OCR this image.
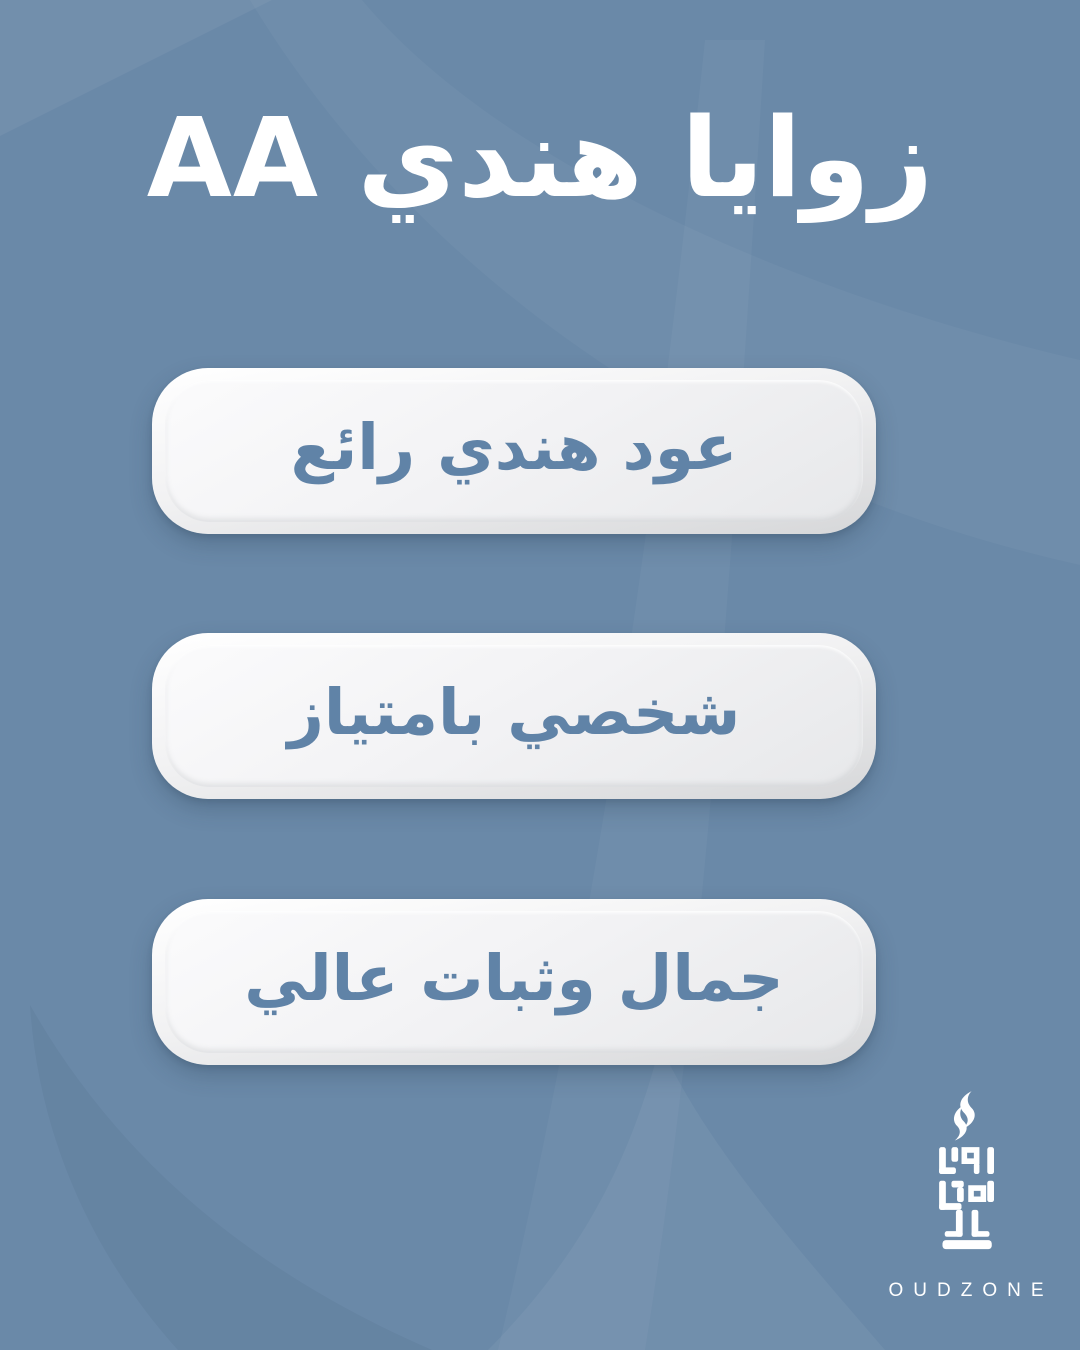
زوايا هندي AA
عود هندي رائع
شخصي بامتياز
جمال وثبات عالي
OUDZONE
